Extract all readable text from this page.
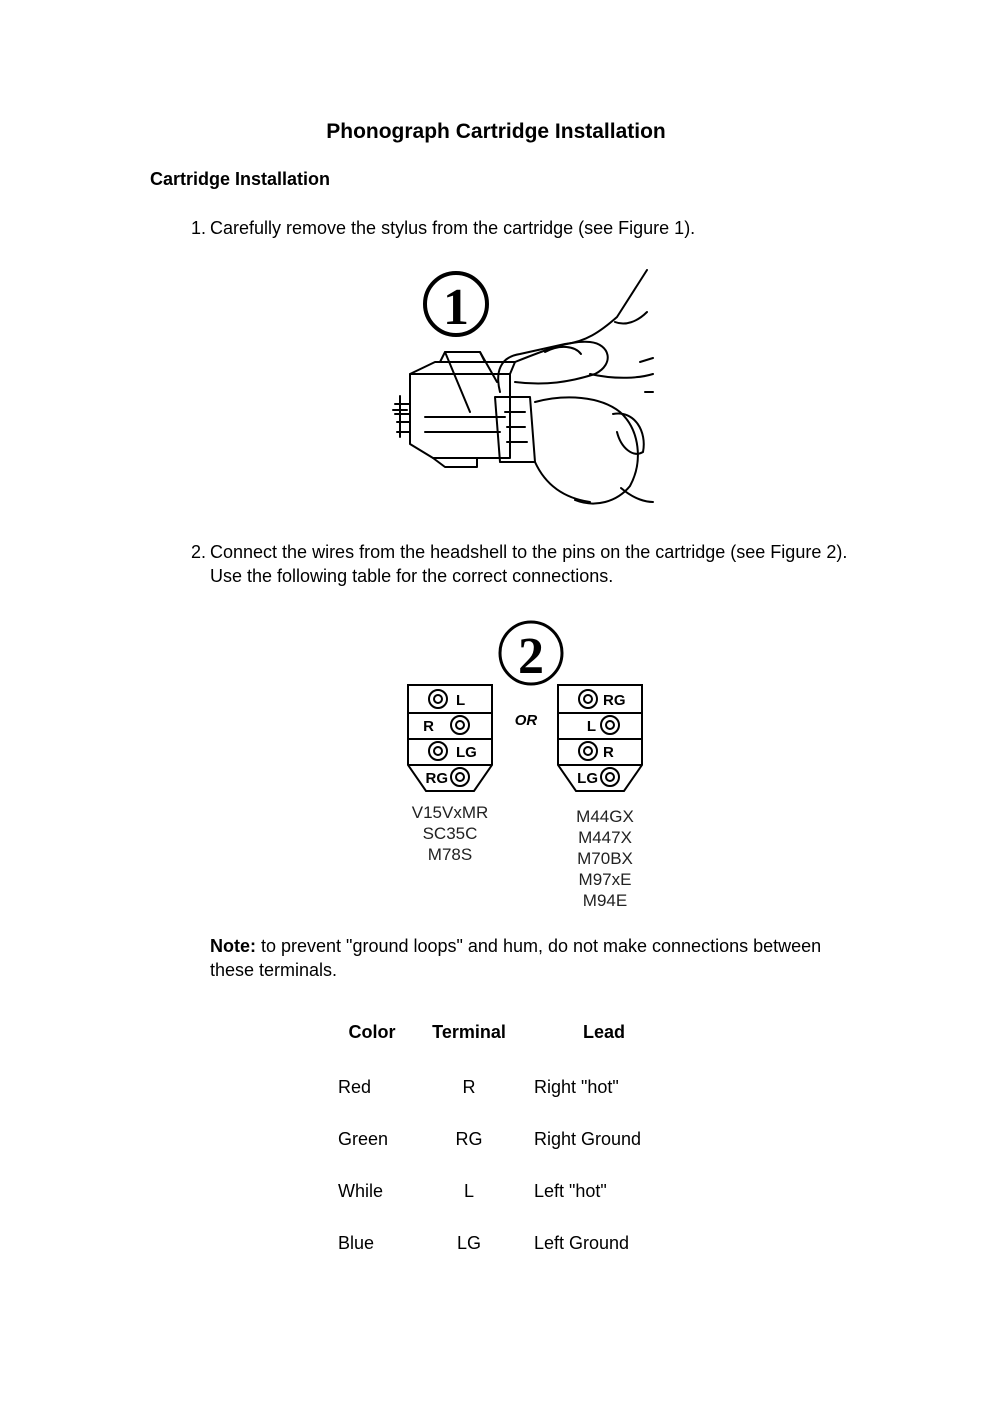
Phonograph Cartridge Installation
Cartridge Installation
1. Carefully remove the stylus from the cartridge (see Figure 1).
1
2. Connect the wires from the headshell to the pins on the cartridge (see Figure 2). Use the following table for the correct connections.
2
L
R
LG
RG
OR
RG
L
R
LG
V15VxMR
SC35C
M78S
M44GX
M447X
M70BX
M97xE
M94E
Note: to prevent "ground loops" and hum, do not make connections between these terminals.
Color	Terminal	Lead
Red	R	Right "hot"
Green	RG	Right Ground
While	L	Left "hot"
Blue	LG	Left Ground
